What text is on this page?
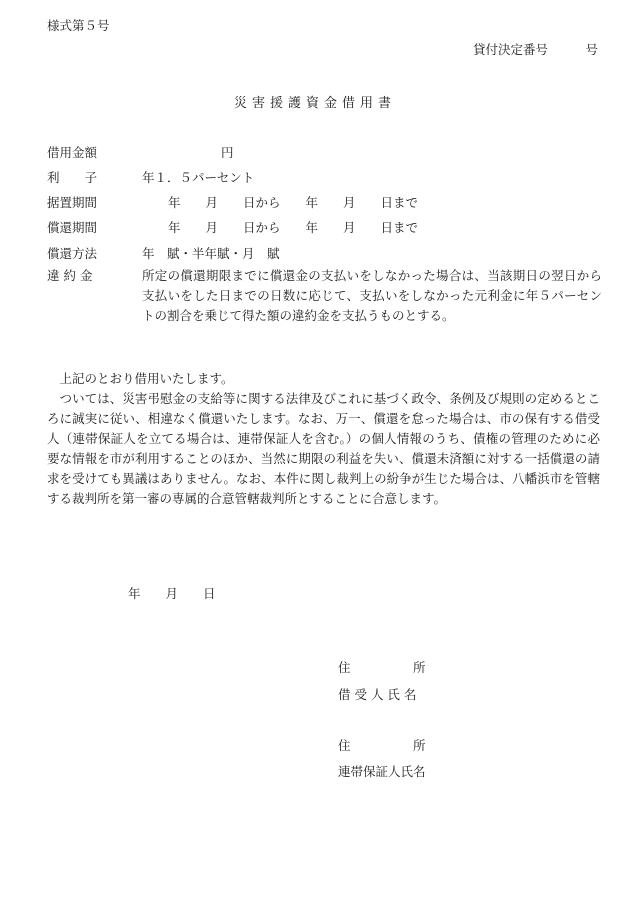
様式第５号
貸付決定番号　　　号
災害援護資金借用書
借用金額	円
利　　子	年１．５パーセント
据置期間	年　　月　　日から　　年　　月　　日まで
償還期間	年　　月　　日から　　年　　月　　日まで
償還方法	年　賦・半年賦・月　賦
違 約 金	所定の償還期限までに償還金の支払いをしなかった場合は、当該期日の翌日から支払いをした日までの日数に応じて、支払いをしなかった元利金に年５パーセントの割合を乗じて得た額の違約金を支払うものとする。

上記のとおり借用いたします。

ついては、災害弔慰金の支給等に関する法律及びこれに基づく政令、条例及び規則の定めるところに誠実に従い、相違なく償還いたします。なお、万一、償還を怠った場合は、市の保有する借受人（連帯保証人を立てる場合は、連帯保証人を含む。）の個人情報のうち、債権の管理のために必要な情報を市が利用することのほか、当然に期限の利益を失い、償還未済額に対する一括償還の請求を受けても異議はありません。なお、本件に関し裁判上の紛争が生じた場合は、八幡浜市を管轄する裁判所を第一審の専属的合意管轄裁判所とすることに合意します。

年　　月　　日
住　　　　　所
借 受 人 氏 名
住　　　　　所
連帯保証人氏名
